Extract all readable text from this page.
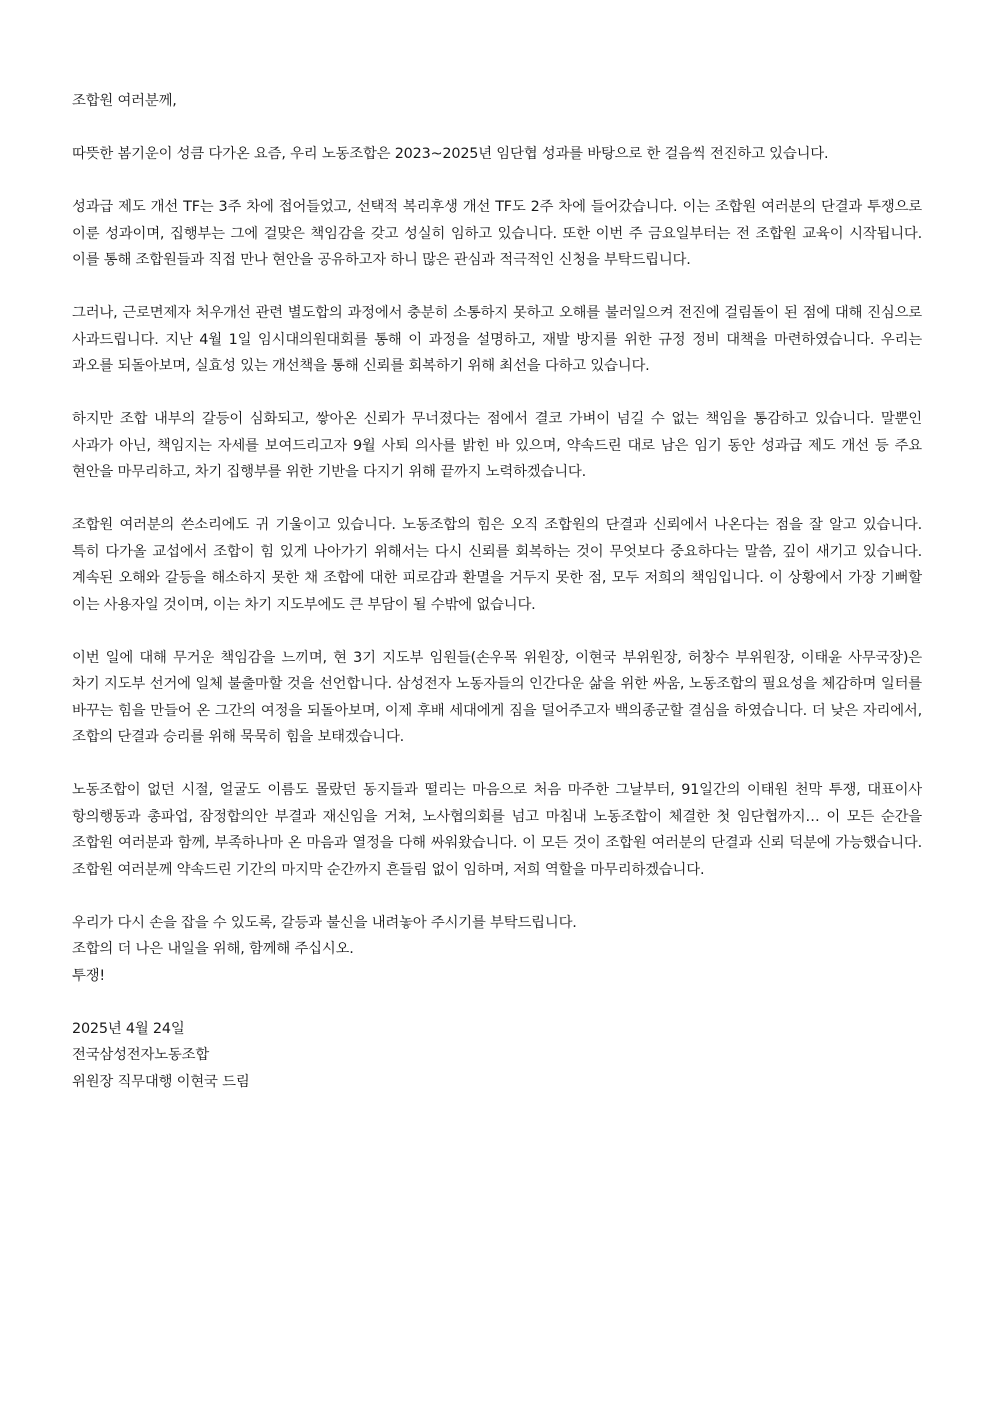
조합원 여러분께,

따뜻한 봄기운이 성큼 다가온 요즘, 우리 노동조합은 2023~2025년 임단협 성과를 바탕으로 한 걸음씩 전진하고 있습니다.

성과급 제도 개선 TF는 3주 차에 접어들었고, 선택적 복리후생 개선 TF도 2주 차에 들어갔습니다. 이는 조합원 여러분의 단결과 투쟁으로 이룬 성과이며, 집행부는 그에 걸맞은 책임감을 갖고 성실히 임하고 있습니다. 또한 이번 주 금요일부터는 전 조합원 교육이 시작됩니다. 이를 통해 조합원들과 직접 만나 현안을 공유하고자 하니 많은 관심과 적극적인 신청을 부탁드립니다.

그러나, 근로면제자 처우개선 관련 별도합의 과정에서 충분히 소통하지 못하고 오해를 불러일으켜 전진에 걸림돌이 된 점에 대해 진심으로 사과드립니다. 지난 4월 1일 임시대의원대회를 통해 이 과정을 설명하고, 재발 방지를 위한 규정 정비 대책을 마련하였습니다. 우리는 과오를 되돌아보며, 실효성 있는 개선책을 통해 신뢰를 회복하기 위해 최선을 다하고 있습니다.

하지만 조합 내부의 갈등이 심화되고, 쌓아온 신뢰가 무너졌다는 점에서 결코 가벼이 넘길 수 없는 책임을 통감하고 있습니다. 말뿐인 사과가 아닌, 책임지는 자세를 보여드리고자 9월 사퇴 의사를 밝힌 바 있으며, 약속드린 대로 남은 임기 동안 성과급 제도 개선 등 주요 현안을 마무리하고, 차기 집행부를 위한 기반을 다지기 위해 끝까지 노력하겠습니다.

조합원 여러분의 쓴소리에도 귀 기울이고 있습니다. 노동조합의 힘은 오직 조합원의 단결과 신뢰에서 나온다는 점을 잘 알고 있습니다. 특히 다가올 교섭에서 조합이 힘 있게 나아가기 위해서는 다시 신뢰를 회복하는 것이 무엇보다 중요하다는 말씀, 깊이 새기고 있습니다. 계속된 오해와 갈등을 해소하지 못한 채 조합에 대한 피로감과 환멸을 거두지 못한 점, 모두 저희의 책임입니다. 이 상황에서 가장 기뻐할 이는 사용자일 것이며, 이는 차기 지도부에도 큰 부담이 될 수밖에 없습니다.

이번 일에 대해 무거운 책임감을 느끼며, 현 3기 지도부 임원들(손우목 위원장, 이현국 부위원장, 허창수 부위원장, 이태윤 사무국장)은 차기 지도부 선거에 일체 불출마할 것을 선언합니다. 삼성전자 노동자들의 인간다운 삶을 위한 싸움, 노동조합의 필요성을 체감하며 일터를 바꾸는 힘을 만들어 온 그간의 여정을 되돌아보며, 이제 후배 세대에게 짐을 덜어주고자 백의종군할 결심을 하였습니다. 더 낮은 자리에서, 조합의 단결과 승리를 위해 묵묵히 힘을 보태겠습니다.

노동조합이 없던 시절, 얼굴도 이름도 몰랐던 동지들과 떨리는 마음으로 처음 마주한 그날부터, 91일간의 이태원 천막 투쟁, 대표이사 항의행동과 총파업, 잠정합의안 부결과 재신임을 거쳐, 노사협의회를 넘고 마침내 노동조합이 체결한 첫 임단협까지… 이 모든 순간을 조합원 여러분과 함께, 부족하나마 온 마음과 열정을 다해 싸워왔습니다. 이 모든 것이 조합원 여러분의 단결과 신뢰 덕분에 가능했습니다. 조합원 여러분께 약속드린 기간의 마지막 순간까지 흔들림 없이 임하며, 저희 역할을 마무리하겠습니다.

우리가 다시 손을 잡을 수 있도록, 갈등과 불신을 내려놓아 주시기를 부탁드립니다.

조합의 더 나은 내일을 위해, 함께해 주십시오.

투쟁!

2025년 4월 24일

전국삼성전자노동조합

위원장 직무대행 이현국 드림
